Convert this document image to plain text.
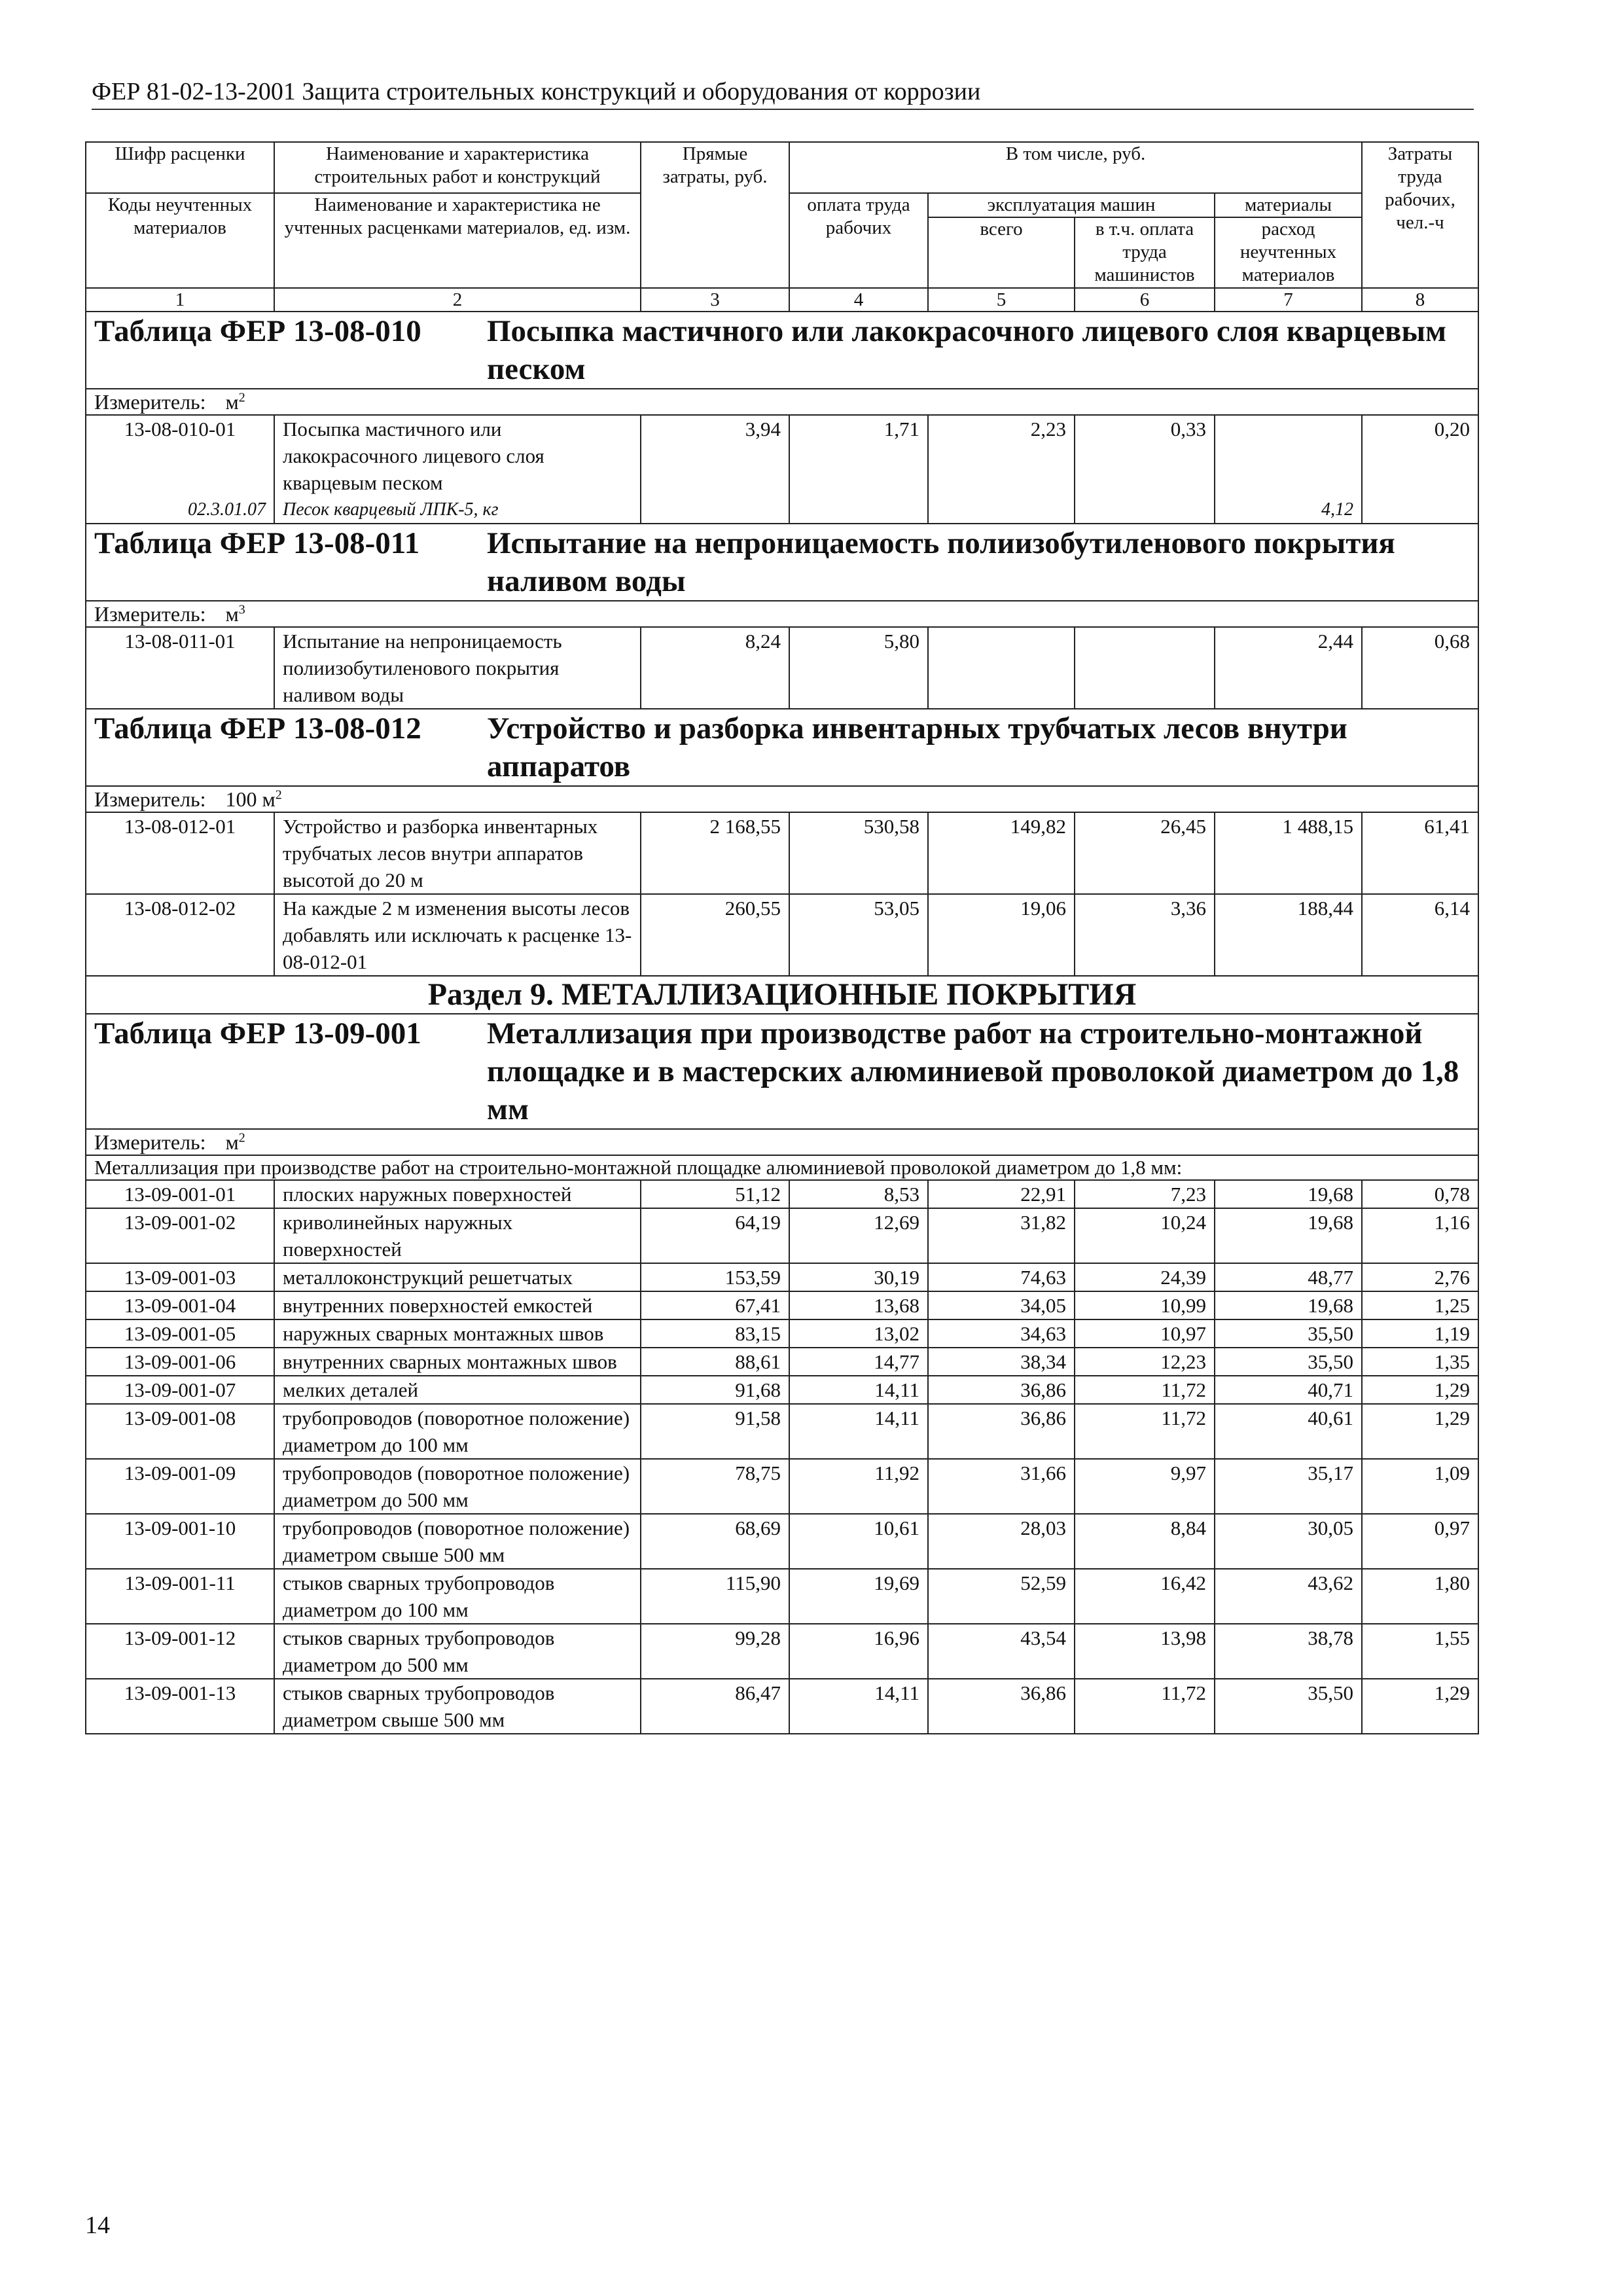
ФЕР 81-02-13-2001 Защита строительных конструкций и оборудования от коррозии
Шифр расценки	Наименование и характеристика строительных работ и конструкций	Прямые затраты, руб.	В том числе, руб.				Затраты труда рабочих, чел.-ч
Коды неучтенных материалов	Наименование и характеристика не учтенных расценками материалов, ед. изм.		оплата труда рабочих	эксплуатация машин		материалы	
				всего	в т.ч. оплата труда машинистов	расход неучтенных материалов	
1	2	3	4	5	6	7	8

Таблица ФЕР 13-08-010 Посыпка мастичного или лакокрасочного лицевого слоя кварцевым песком							

Измеритель: $м^2$
13-08-010-01	Посыпка мастичного или лакокрасочного лицевого слоя кварцевым песком	3,94	1,71	2,23	0,33		0,20
02.3.01.07	Песок кварцевый ЛПК-5, кг					4,12	

Таблица ФЕР 13-08-011 Испытание на непроницаемость полиизобутиленового покрытия наливом воды							

Измеритель: $м^3$
13-08-011-01	Испытание на непроницаемость полиизобутиленового покрытия наливом воды	8,24	5,80			2,44	0,68

Таблица ФЕР 13-08-012 Устройство и разборка инвентарных трубчатых лесов внутри аппаратов							

Измеритель: 100 $м^2$
13-08-012-01	Устройство и разборка инвентарных трубчатых лесов внутри аппаратов высотой до 20 м	2 168,55	530,58	149,82	26,45	1 488,15	61,41
13-08-012-02	На каждые 2 м изменения высоты лесов добавлять или исключать к расценке 13-08-012-01	260,55	53,05	19,06	3,36	188,44	6,14
Раздел 9. МЕТАЛЛИЗАЦИОННЫЕ ПОКРЫТИЯ							

Таблица ФЕР 13-09-001 Металлизация при производстве работ на строительно-монтажной площадке и в мастерских алюминиевой проволокой диаметром до 1,8 мм							

Измеритель: $м^2$
Металлизация при производстве работ на строительно-монтажной площадке алюминиевой проволокой диаметром до 1,8 мм:							
13-09-001-01	плоских наружных поверхностей	51,12	8,53	22,91	7,23	19,68	0,78
13-09-001-02	криволинейных наружных поверхностей	64,19	12,69	31,82	10,24	19,68	1,16
13-09-001-03	металлоконструкций решетчатых	153,59	30,19	74,63	24,39	48,77	2,76
13-09-001-04	внутренних поверхностей емкостей	67,41	13,68	34,05	10,99	19,68	1,25
13-09-001-05	наружных сварных монтажных швов	83,15	13,02	34,63	10,97	35,50	1,19
13-09-001-06	внутренних сварных монтажных швов	88,61	14,77	38,34	12,23	35,50	1,35
13-09-001-07	мелких деталей	91,68	14,11	36,86	11,72	40,71	1,29
13-09-001-08	трубопроводов (поворотное положение) диаметром до 100 мм	91,58	14,11	36,86	11,72	40,61	1,29
13-09-001-09	трубопроводов (поворотное положение) диаметром до 500 мм	78,75	11,92	31,66	9,97	35,17	1,09
13-09-001-10	трубопроводов (поворотное положение) диаметром свыше 500 мм	68,69	10,61	28,03	8,84	30,05	0,97
13-09-001-11	стыков сварных трубопроводов диаметром до 100 мм	115,90	19,69	52,59	16,42	43,62	1,80
13-09-001-12	стыков сварных трубопроводов диаметром до 500 мм	99,28	16,96	43,54	13,98	38,78	1,55
13-09-001-13	стыков сварных трубопроводов диаметром свыше 500 мм	86,47	14,11	36,86	11,72	35,50	1,29
14
